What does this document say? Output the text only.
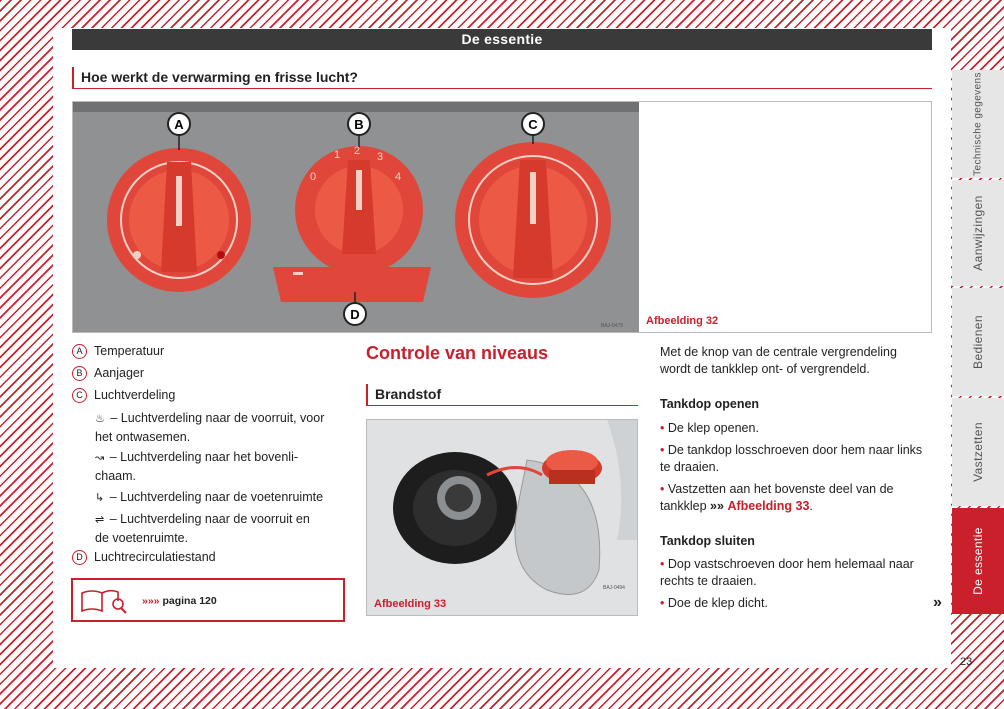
De essentie
Hoe werkt de verwarming en frisse lucht?
A	B	C
D
0
1 2 3
4
BAJ-0479 Afbeelding 32
A Temperatuur
B Aanjager
C Luchtverdeling
♨ – Luchtverdeling naar de voorruit, voor
het ontwasemen.
↝ – Luchtverdeling naar het bovenli-
chaam.
↳ – Luchtverdeling naar de voetenruimte
⇌ – Luchtverdeling naar de voorruit en
de voetenruimte.
D Luchtrecirculatiestand
»»» pagina 120
Controle van niveaus
Brandstof
BAJ-0494
Afbeelding 33
Met de knop van de centrale vergrendeling wordt de tankklep ont- of vergrendeld.
Tankdop openen
• De klep openen.
• De tankdop losschroeven door hem naar links te draaien.
• Vastzetten aan het bovenste deel van de tankklep »» Afbeelding 33.
Tankdop sluiten
• Dop vastschroeven door hem helemaal naar rechts te draaien.
• Doe de klep dicht.	»
Technische gegevens
Aanwijzingen
Bedienen
Vastzetten
De essentie
23
